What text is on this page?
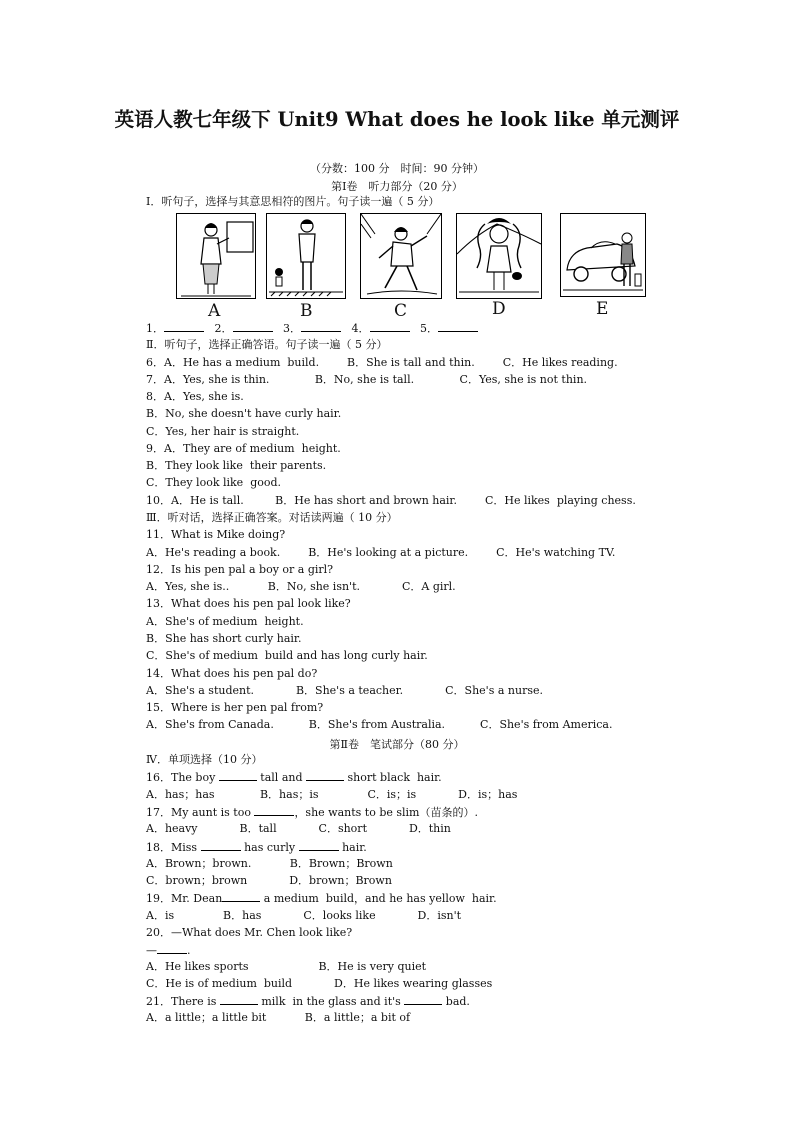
英语人教七年级下 Unit9 What does he look like 单元测评
（分数：100 分　时间：90 分钟）
第Ⅰ卷　听力部分（20 分）
Ⅰ．听句子，选择与其意思相符的图片。句子读一遍（ 5 分）
A	B	C	D	E
1．	2．	3．	4．	5．
Ⅱ．听句子，选择正确答语。句子读一遍（ 5 分）
6．A．He has a medium  build.        B．She is tall and thin.        C．He likes reading.
7．A．Yes, she is thin.             B．No, she is tall.             C．Yes, she is not thin.
8．A．Yes, she is.
B．No, she doesn't have curly hair.
C．Yes, her hair is straight.
9．A．They are of medium  height.
B．They look like  their parents.
C．They look like  good.
10．A．He is tall.         B．He has short and brown hair.        C．He likes  playing chess.
Ⅲ．听对话，选择正确答案。对话读两遍（ 10 分）
11．What is Mike doing?
A．He's reading a book.        B．He's looking at a picture.        C．He's watching TV.
12．Is his pen pal a boy or a girl?
A．Yes, she is..           B．No, she isn't.            C．A girl.
13．What does his pen pal look like?
A．She's of medium  height.
B．She has short curly hair.
C．She's of medium  build and has long curly hair.
14．What does his pen pal do?
A．She's a student.            B．She's a teacher.            C．She's a nurse.
15．Where is her pen pal from?
A．She's from Canada.          B．She's from Australia.          C．She's from America.
第Ⅱ卷　笔试部分（80 分）
Ⅳ．单项选择（10 分）
16．The boy	tall and	short black  hair.
A．has；has             B．has；is              C．is；is            D．is；has
17．My aunt is too	，she wants to be slim（苗条的）.
A．heavy            B．tall            C．short            D．thin
18．Miss	has curly	hair.
A．Brown；brown.           B．Brown；Brown
C．brown；brown            D．brown；Brown
19．Mr. Dean	a medium  build，and he has yellow  hair.
A．is              B．has            C．looks like            D．isn't
20．—What does Mr. Chen look like?
—	.
A．He likes sports                    B．He is very quiet
C．He is of medium  build            D．He likes wearing glasses
21．There is	milk  in the glass and it's	bad.
A．a little；a little bit           B．a little；a bit of
